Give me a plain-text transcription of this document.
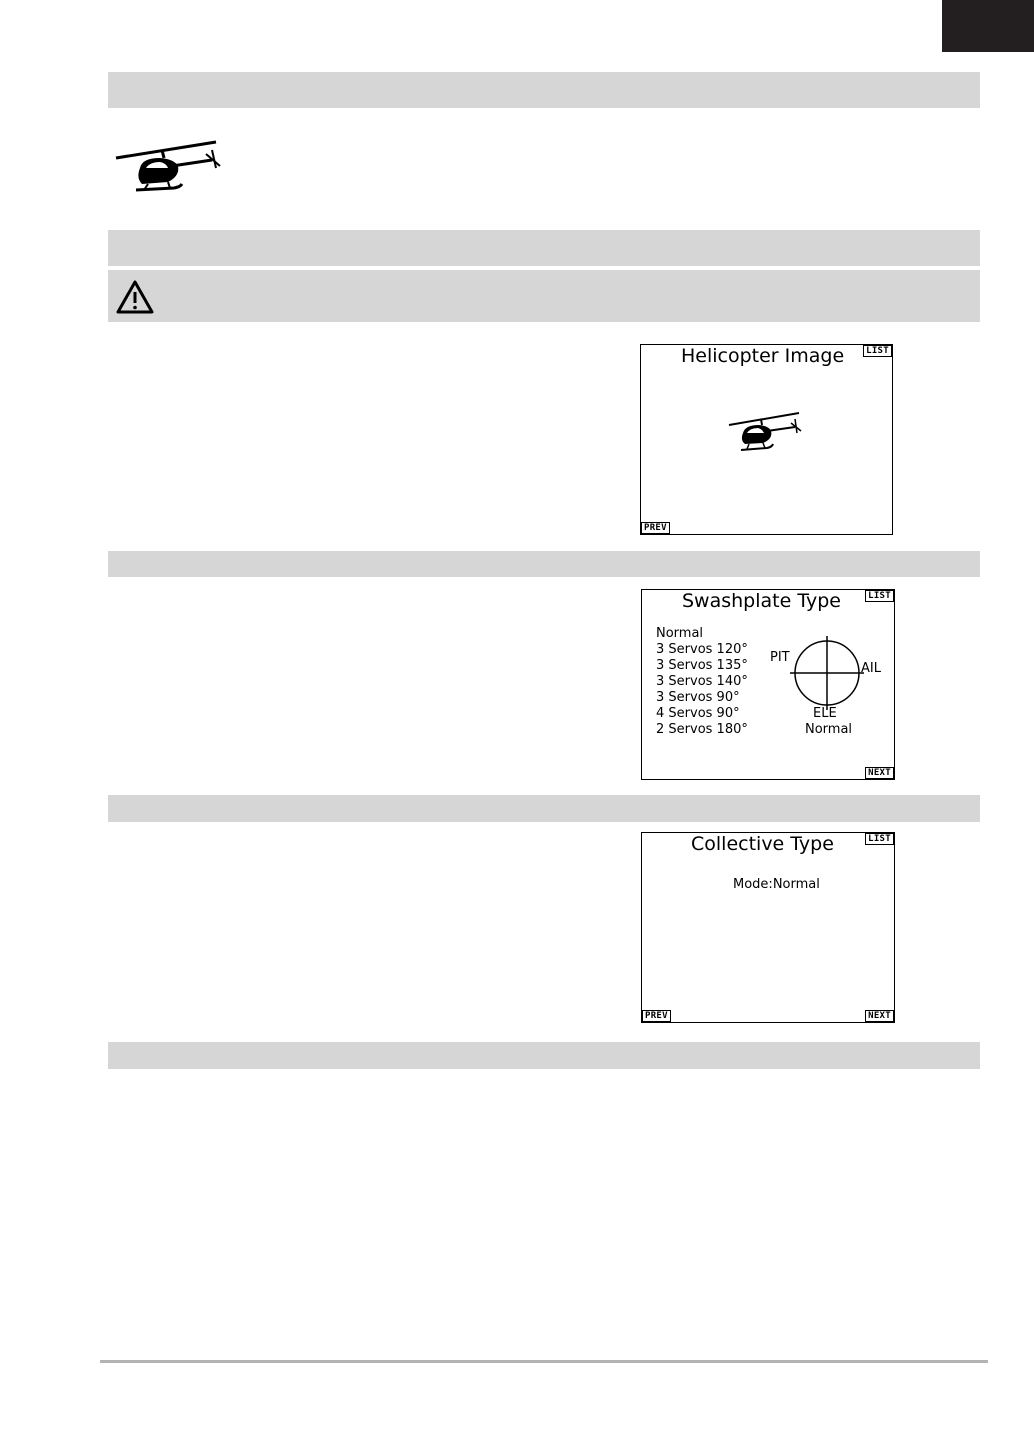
Helicopter Image	LIST
PREV
Swashplate Type	LIST
Normal
3 Servos 120°
3 Servos 135°
3 Servos 140°
3 Servos 90°
4 Servos 90°
2 Servos 180°
PIT
AIL
ELE
Normal
NEXT
Collective Type	LIST
Mode:Normal
PREV	NEXT
